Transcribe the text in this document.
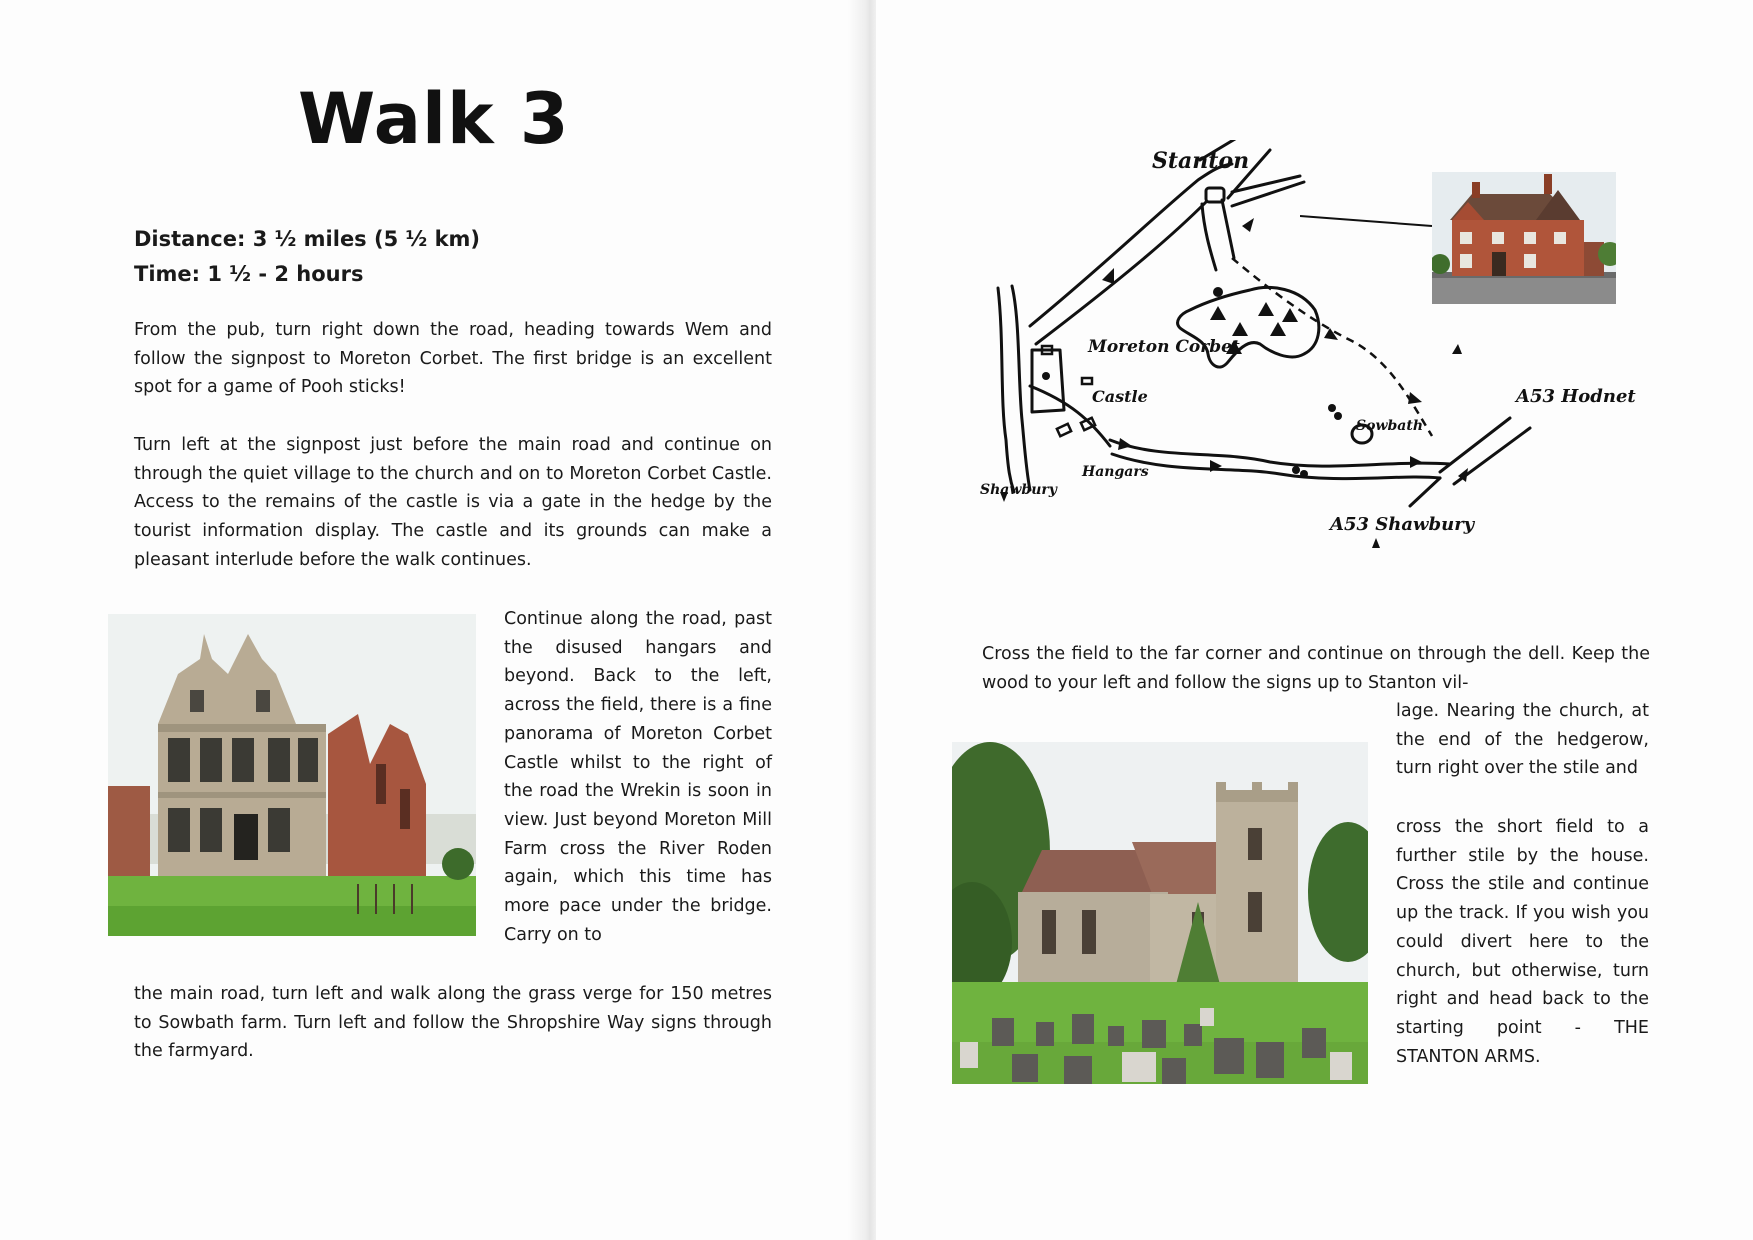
Walk 3
Distance: 3 ½ miles (5 ½ km)
Time: 1 ½ - 2 hours

From the pub, turn right down the road, heading towards Wem and follow the signpost to Moreton Corbet. The first bridge is an excellent spot for a game of Pooh sticks!

Turn left at the signpost just before the main road and continue on through the quiet village to the church and on to Moreton Corbet Castle. Access to the remains of the castle is via a gate in the hedge by the tourist information display. The castle and its grounds can make a pleasant interlude before the walk continues.

Continue along the road, past the disused hangars and beyond. Back to the left, across the field, there is a fine panorama of Moreton Corbet Castle whilst to the right of the road the Wrekin is soon in view. Just beyond Moreton Mill Farm cross the River Roden again, which this time has more pace under the bridge. Carry on to

the main road, turn left and walk along the grass verge for 150 metres to Sowbath farm. Turn left and follow the Shropshire Way signs through the farmyard.

Stanton
Moreton Corbet
Castle
Hangars
Sowbath
Shawbury
A53 Hodnet
A53 Shawbury

Cross the field to the far corner and continue on through the dell. Keep the wood to your left and follow the signs up to Stanton vil-

lage. Nearing the church, at the end of the hedgerow, turn right over the stile and

cross the short field to a further stile by the house. Cross the stile and continue up the track. If you wish you could divert here to the church, but otherwise, turn right and head back to the starting point - THE STANTON ARMS.
